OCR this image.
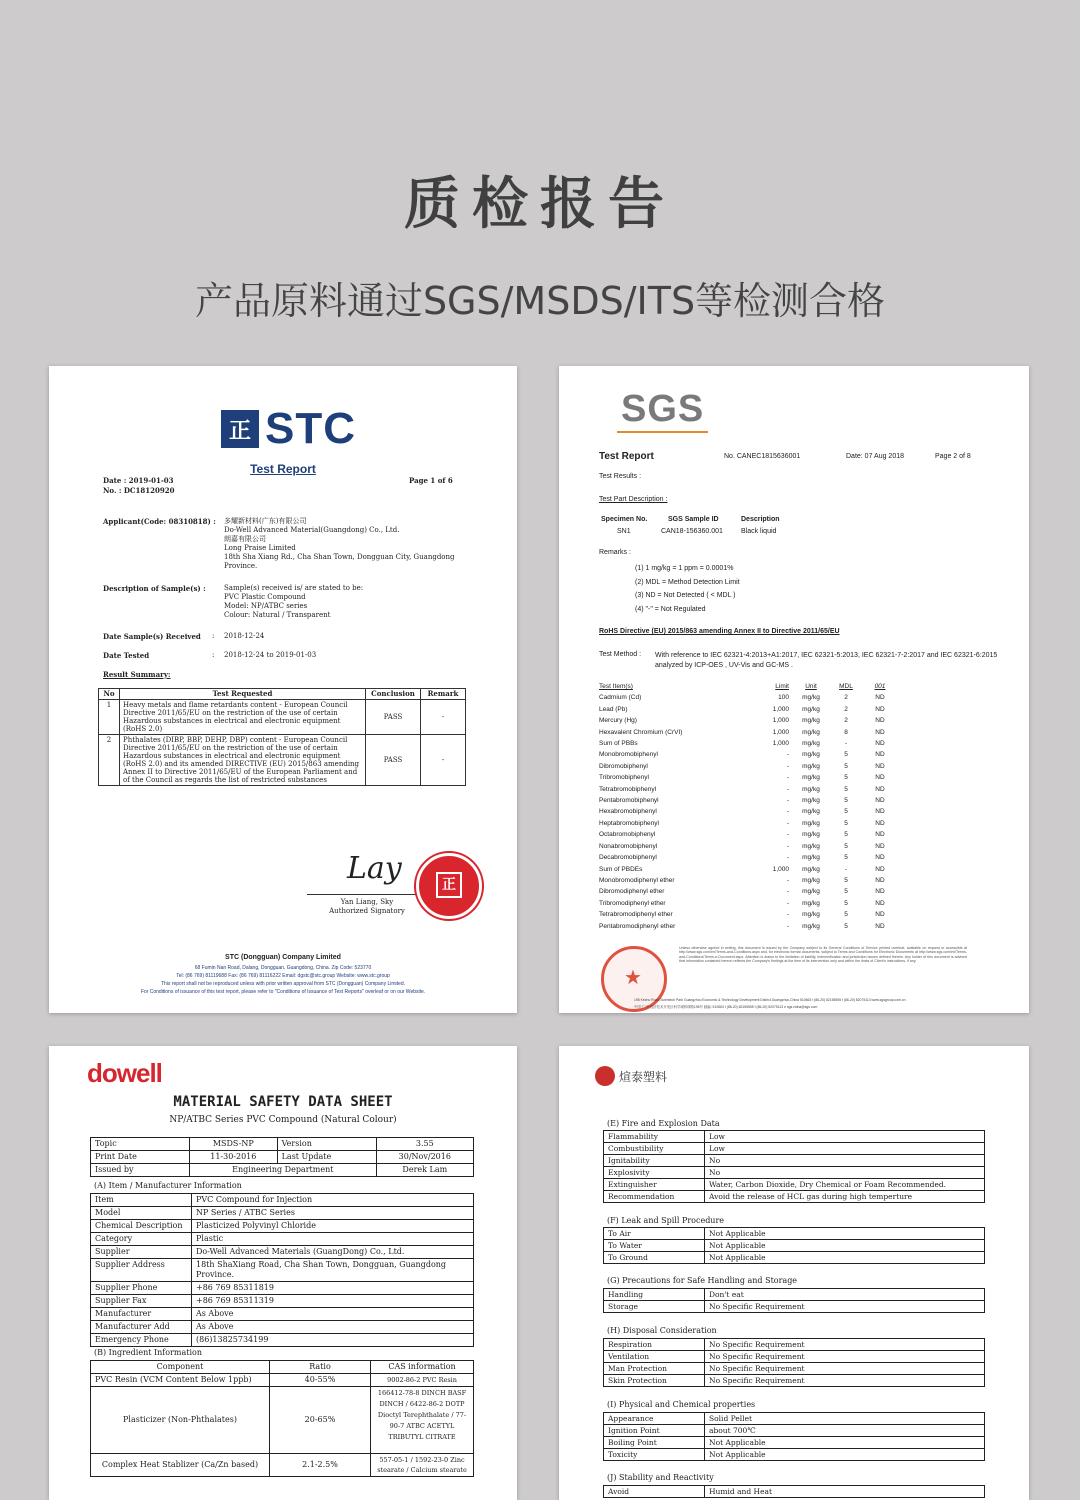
质检报告
产品原料通过SGS/MSDS/ITS等检测合格
正 STC
Test Report
Date : 2019-01-03
No. : DC18120920
Page 1 of 6
Applicant(Code: 08310818) : 多耀新材料(广东)有限公司
Do-Well Advanced Material(Guangdong) Co., Ltd.
朗嘉有限公司
Long Praise Limited
18th Sha Xiang Rd., Cha Shan Town, Dongguan City, Guangdong
Province.
Description of Sample(s) :	Sample(s) received is/ are stated to be:
PVC Plastic Compound
Model: NP/ATBC series
Colour: Natural / Transparent
Date Sample(s) Received : 2018-12-24
Date Tested	: 2018-12-24 to 2019-01-03
Result Summary:
No	Test Requested	Conclusion	Remark
1	Heavy metals and flame retardants content - European Council Directive 2011/65/EU on the restriction of the use of certain Hazardous substances in electrical and electronic equipment (RoHS 2.0)	PASS	-
2	Phthalates (DIBP, BBP, DEHP, DBP) content - European Council Directive 2011/65/EU on the restriction of the use of certain Hazardous substances in electrical and electronic equipment (RoHS 2.0) and its amended DIRECTIVE (EU) 2015/863 amending Annex II to Directive 2011/65/EU of the European Parliament and of the Council as regards the list of restricted substances	PASS	-
Lay
Yan Liang, Sky
Authorized Signatory
正
STC (Dongguan) Company Limited
68 Fumin Nan Road, Dalang, Dongguan, Guangdong, China. Zip Code: 523770
Tel: (86 769) 81119688 Fax: (86 769) 81116222 Email: dgstc@stc.group Website: www.stc.group
This report shall not be reproduced unless with prior written approval from STC (Dongguan) Company Limited.
For Conditions of issuance of this test report, please refer to "Conditions of Issuance of Test Reports" overleaf or on our Website.
SGS
Test Report	No. CANEC1815636001	Date: 07 Aug 2018	Page 2 of 8
Test Results :
Test Part Description :
Specimen No.	SGS Sample ID	Description
SN1	CAN18-156360.001	Black liquid
Remarks :
(1) 1 mg/kg = 1 ppm = 0.0001%
(2) MDL = Method Detection Limit
(3) ND = Not Detected ( < MDL )
(4) "-" = Not Regulated
RoHS Directive (EU) 2015/863 amending Annex II to Directive 2011/65/EU
Test Method : With reference to IEC 62321-4:2013+A1:2017, IEC 62321-5:2013, IEC 62321-7-2:2017 and IEC 62321-6:2015 analyzed by ICP-OES , UV-Vis and GC-MS .
Test Item(s)	Limit	Unit	MDL	001
Cadmium (Cd)	100	mg/kg	2	ND
Lead (Pb)	1,000	mg/kg	2	ND
Mercury (Hg)	1,000	mg/kg	2	ND
Hexavalent Chromium (CrVI)	1,000	mg/kg	8	ND
Sum of PBBs	1,000	mg/kg	-	ND
Monobromobiphenyl	-	mg/kg	5	ND
Dibromobiphenyl	-	mg/kg	5	ND
Tribromobiphenyl	-	mg/kg	5	ND
Tetrabromobiphenyl	-	mg/kg	5	ND
Pentabromobiphenyl	-	mg/kg	5	ND
Hexabromobiphenyl	-	mg/kg	5	ND
Heptabromobiphenyl	-	mg/kg	5	ND
Octabromobiphenyl	-	mg/kg	5	ND
Nonabromobiphenyl	-	mg/kg	5	ND
Decabromobiphenyl	-	mg/kg	5	ND
Sum of PBDEs	1,000	mg/kg	-	ND
Monobromodiphenyl ether	-	mg/kg	5	ND
Dibromodiphenyl ether	-	mg/kg	5	ND
Tribromodiphenyl ether	-	mg/kg	5	ND
Tetrabromodiphenyl ether	-	mg/kg	5	ND
Pentabromodiphenyl ether	-	mg/kg	5	ND
★
Unless otherwise agreed in writing, this document is issued by the Company subject to its General Conditions of Service printed overleaf, available on request or accessible at http://www.sgs.com/en/Terms-and-Conditions.aspx and, for electronic format documents, subject to Terms and Conditions for Electronic Documents at http://www.sgs.com/en/Terms-and-Conditions/Terms-e-Document.aspx. Attention is drawn to the limitation of liability, indemnification and jurisdiction issues defined therein. Any holder of this document is advised that information contained hereon reflects the Company's findings at the time of its intervention only and within the limits of Client's instructions, if any.
198 Kezhu Road,Scientech Park Guangzhou Economic & Technology Development District,Guangzhou,China 510663 t (86-20) 82155555 f (86-20) 82075113 www.sgsgroup.com.cn
中国·广州·经济技术开发区科学城科珠路198号 邮编: 510663 t (86-20) 82155555 f (86-20) 82075113 e sgs.china@sgs.com
dowell
MATERIAL SAFETY DATA SHEET
NP/ATBC Series PVC Compound (Natural Colour)
Topic	MSDS-NP	Version	3.55
Print Date	11-30-2016	Last Update	30/Nov/2016
Issued by	Engineering Department		Derek Lam
(A) Item / Manufacturer Information
Item	PVC Compound for Injection
Model	NP Series / ATBC Series
Chemical Description	Plasticized Polyvinyl Chloride
Category	Plastic
Supplier	Do-Well Advanced Materials (GuangDong) Co., Ltd.
Supplier Address	18th ShaXiang Road, Cha Shan Town, Dongguan, Guangdong Province.
Supplier Phone	+86 769 85311819
Supplier Fax	+86 769 85311319
Manufacturer	As Above
Manufacturer Add	As Above
Emergency Phone	(86)13825734199
(B) Ingredient Information
Component	Ratio	CAS information
PVC Resin (VCM Content Below 1ppb)	40-55%	9002-86-2 PVC Resin
Plasticizer (Non-Phthalates)	20-65%	166412-78-8 DINCH BASF DINCH / 6422-86-2 DOTP Dioctyl Terephthalate / 77-90-7 ATBC ACETYL TRIBUTYL CITRATE
Complex Heat Stablizer (Ca/Zn based)	2.1-2.5%	557-05-1 / 1592-23-0 Zinc stearate / Calcium stearate
煊泰塑料
(E) Fire and Explosion Data
Flammability	Low
Combustibility	Low
Ignitability	No
Explosivity	No
Extinguisher	Water, Carbon Dioxide, Dry Chemical or Foam Recommended.
Recommendation	Avoid the release of HCL gas during high temperture
(F) Leak and Spill Procedure
To Air	Not Applicable
To Water	Not Applicable
To Ground	Not Applicable
(G) Precautions for Safe Handling and Storage
Handling	Don't eat
Storage	No Specific Requirement
(H) Disposal Consideration
Respiration	No Specific Requirement
Ventilation	No Specific Requirement
Man Protection	No Specific Requirement
Skin Protection	No Specific Requirement
(I) Physical and Chemical properties
Appearance	Solid Pellet
Ignition Point	about 700℃
Boiling Point	Not Applicable
Toxicity	Not Applicable
(J) Stability and Reactivity
Avoid	Humid and Heat
